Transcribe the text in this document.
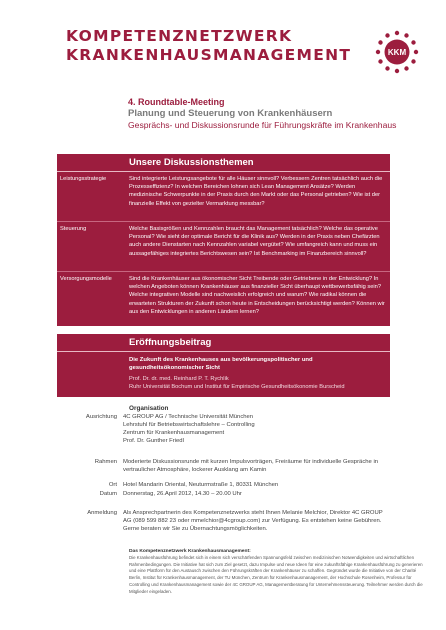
KOMPETENZNETZWERK
KRANKENHAUSMANAGEMENT	KKM
4. Roundtable-Meeting
Planung und Steuerung von Krankenhäusern
Gesprächs- und Diskussionsrunde für Führungskräfte im Krankenhaus
Unsere Diskussionsthemen
Leistungsstrategie	Sind integrierte Leistungsangebote für alle Häuser sinnvoll? Verbessern Zentren tatsächlich auch die Prozesseffizienz? In welchen Bereichen lohnen sich Lean Management Ansätze? Werden medizinische Schwerpunkte in der Praxis durch den Markt oder das Personal getrieben? Wie ist der finanzielle Effekt von gezielter Vermarktung messbar?
Steuerung	Welche Basisgrößen und Kennzahlen braucht das Management tatsächlich? Welche das operative Personal? Wie sieht der optimale Bericht für die Klinik aus? Werden in der Praxis neben Chefärzten auch andere Dienstarten nach Kennzahlen variabel vergütet? Wie umfangreich kann und muss ein aussagefähiges integriertes Berichtswesen sein? Ist Benchmarking im Finanzbereich sinnvoll?
Versorgungsmodelle	Sind die Krankenhäuser aus ökonomischer Sicht Treibende oder Getriebene in der Entwicklung? In welchen Angeboten können Krankenhäuser aus finanzieller Sicht überhaupt wettbewerbsfähig sein? Welche integrativen Modelle sind nachweislich erfolgreich und warum? Wie radikal können die erwarteten Strukturen der Zukunft schon heute in Entscheidungen berücksichtigt werden? Können wir aus den Entwicklungen in anderen Ländern lernen?
Eröffnungsbeitrag
Die Zukunft des Krankenhauses aus bevölkerungspolitischer und gesundheitsökonomischer Sicht
Prof. Dr. dr. med. Reinhard P. T. Rychlik
Ruhr Universität Bochum und Institut für Empirische Gesundheitsökonomie Burscheid
Organisation
Ausrichtung	4C GROUP AG / Technische Universität München
Lehrstuhl für Betriebswirtschaftslehre – Controlling
Zentrum für Krankenhausmanagement
Prof. Dr. Gunther Friedl
Rahmen	Moderierte Diskussionsrunde mit kurzen Impulsvorträgen, Freiräume für individuelle Gespräche in vertraulicher Atmosphäre, lockerer Ausklang am Kamin
Ort	Hotel Mandarin Oriental, Neuturmstraße 1, 80331 München
Datum	Donnerstag, 26.April 2012, 14.30 – 20.00 Uhr
Anmeldung	Als Ansprechpartnerin des Kompetenznetzwerks steht Ihnen Melanie Melchior, Direktor 4C GROUP AG (089 599 882 23 oder mmelchior@4cgroup.com) zur Verfügung. Es entstehen keine Gebühren. Gerne beraten wir Sie zu Übernachtungsmöglichkeiten.
Das Kompetenznetzwerk Krankenhausmanagement:
Die Krankenhausführung befindet sich in einem sich verschärfenden Spannungsfeld zwischen medizinischen Notwendigkeiten und wirtschaftlichen Rahmenbedingungen. Die Initiative hat sich zum Ziel gesetzt, dazu Impulse und neue Ideen für eine zukunftsfähige Krankenhausführung zu generieren und eine Plattform für den Austausch zwischen den Führungskräften der Krankenhäuser zu schaffen. Gegründet wurde die Initiative von der Charité Berlin, Institut für Krankenhausmanagement, der TU München, Zentrum für Krankenhausmanagement, der Hochschule Rosenheim, Professur für Controlling und Krankenhausmanagement sowie der 4C GROUP AG, Managementberatung für Unternehmenssteuerung. Teilnehmer werden durch die Mitglieder eingeladen.
